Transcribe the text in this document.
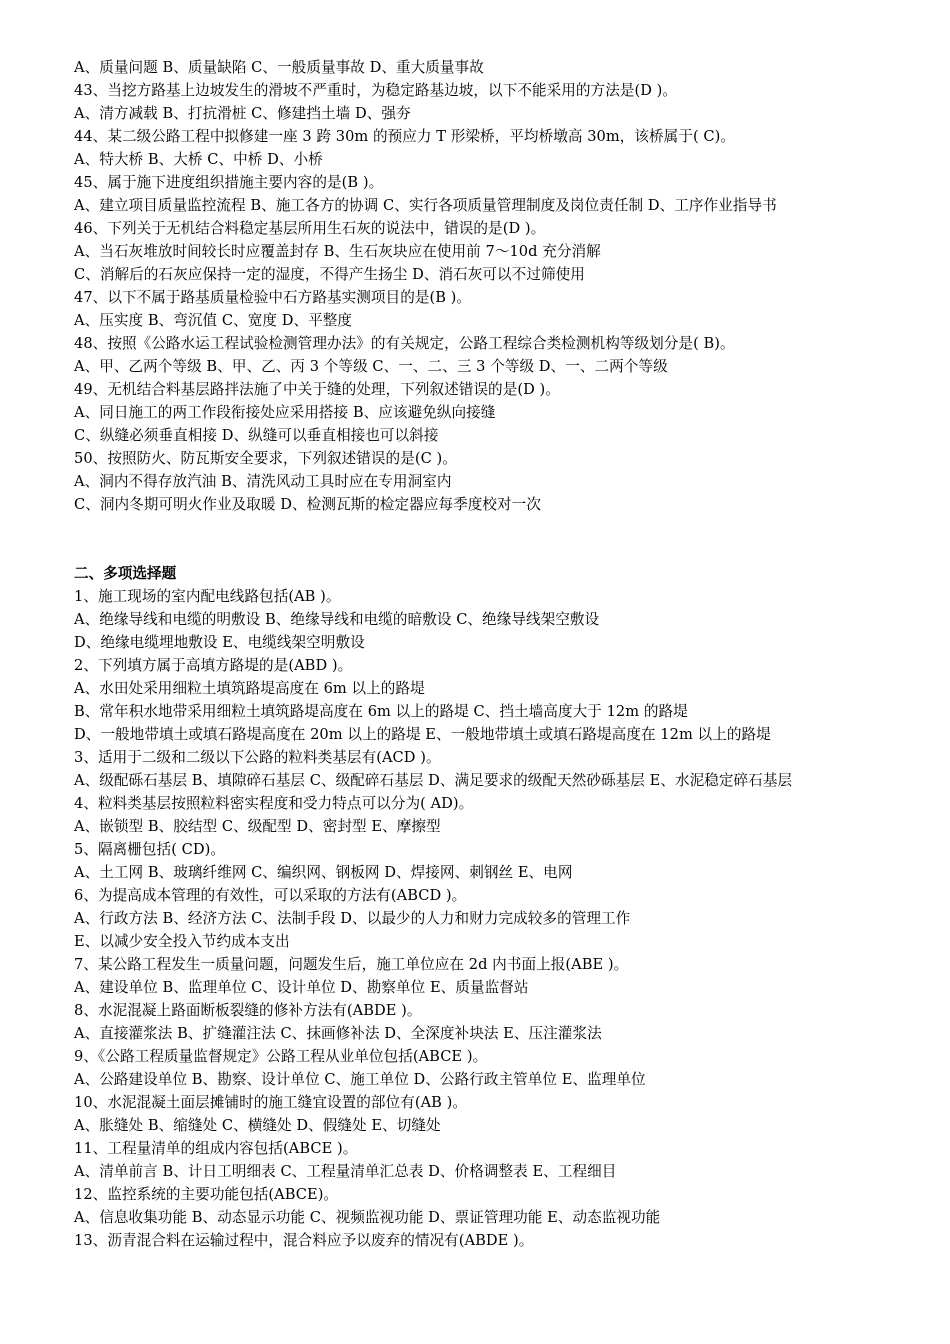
A、质量问题 B、质量缺陷 C、一般质量事故 D、重大质量事故
43、当挖方路基上边坡发生的滑坡不严重时，为稳定路基边坡，以下不能采用的方法是(D )。
A、清方减载 B、打抗滑桩 C、修建挡土墙 D、强夯
44、某二级公路工程中拟修建一座 3 跨 30m 的预应力 T 形梁桥，平均桥墩高 30m，该桥属于( C)。
A、特大桥 B、大桥 C、中桥 D、小桥
45、属于施下进度组织措施主要内容的是(B )。
A、建立项目质量监控流程 B、施工各方的协调 C、实行各项质量管理制度及岗位责任制 D、工序作业指导书
46、下列关于无机结合料稳定基层所用生石灰的说法中，错误的是(D )。
A、当石灰堆放时间较长时应覆盖封存 B、生石灰块应在使用前 7～10d 充分消解
C、消解后的石灰应保持一定的湿度，不得产生扬尘 D、消石灰可以不过筛使用
47、以下不属于路基质量检验中石方路基实测项目的是(B )。
A、压实度 B、弯沉值 C、宽度 D、平整度
48、按照《公路水运工程试验检测管理办法》的有关规定，公路工程综合类检测机构等级划分是( B)。
A、甲、乙两个等级 B、甲、乙、丙 3 个等级 C、一、二、三 3 个等级 D、一、二两个等级
49、无机结合料基层路拌法施了中关于缝的处理，下列叙述错误的是(D )。
A、同日施工的两工作段衔接处应采用搭接 B、应该避免纵向接缝
C、纵缝必须垂直相接 D、纵缝可以垂直相接也可以斜接
50、按照防火、防瓦斯安全要求，下列叙述错误的是(C )。
A、洞内不得存放汽油 B、清洗风动工具时应在专用洞室内
C、洞内冬期可明火作业及取暖 D、检测瓦斯的检定器应每季度校对一次
二、多项选择题
1、施工现场的室内配电线路包括(AB )。
A、绝缘导线和电缆的明敷设 B、绝缘导线和电缆的暗敷设 C、绝缘导线架空敷设
D、绝缘电缆埋地敷设 E、电缆线架空明敷设
2、下列填方属于高填方路堤的是(ABD )。
A、水田处采用细粒土填筑路堤高度在 6m 以上的路堤
B、常年积水地带采用细粒土填筑路堤高度在 6m 以上的路堤 C、挡土墙高度大于 12m 的路堤
D、一般地带填土或填石路堤高度在 20m 以上的路堤 E、一般地带填土或填石路堤高度在 12m 以上的路堤
3、适用于二级和二级以下公路的粒料类基层有(ACD )。
A、级配砾石基层 B、填隙碎石基层 C、级配碎石基层 D、满足要求的级配天然砂砾基层 E、水泥稳定碎石基层
4、粒料类基层按照粒料密实程度和受力特点可以分为( AD)。
A、嵌锁型 B、胶结型 C、级配型 D、密封型 E、摩擦型
5、隔离栅包括( CD)。
A、土工网 B、玻璃纤维网 C、编织网、钢板网 D、焊接网、刺钢丝 E、电网
6、为提高成本管理的有效性，可以采取的方法有(ABCD )。
A、行政方法 B、经济方法 C、法制手段 D、以最少的人力和财力完成较多的管理工作
E、以减少安全投入节约成本支出
7、某公路工程发生一质量问题，问题发生后，施工单位应在 2d 内书面上报(ABE )。
A、建设单位 B、监理单位 C、设计单位 D、勘察单位 E、质量监督站
8、水泥混凝上路面断板裂缝的修补方法有(ABDE )。
A、直接灌浆法 B、扩缝灌注法 C、抹画修补法 D、全深度补块法 E、压注灌浆法
9、《公路工程质量监督规定》公路工程从业单位包括(ABCE )。
A、公路建设单位 B、勘察、设计单位 C、施工单位 D、公路行政主管单位 E、监理单位
10、水泥混凝土面层摊铺时的施工缝宜设置的部位有(AB )。
A、胀缝处 B、缩缝处 C、横缝处 D、假缝处 E、切缝处
11、工程量清单的组成内容包括(ABCE )。
A、清单前言 B、计日工明细表 C、工程量清单汇总表 D、价格调整表 E、工程细目
12、监控系统的主要功能包括(ABCE)。
A、信息收集功能 B、动态显示功能 C、视频监视功能 D、票证管理功能 E、动态监视功能
13、沥青混合料在运输过程中，混合料应予以废弃的情况有(ABDE )。
